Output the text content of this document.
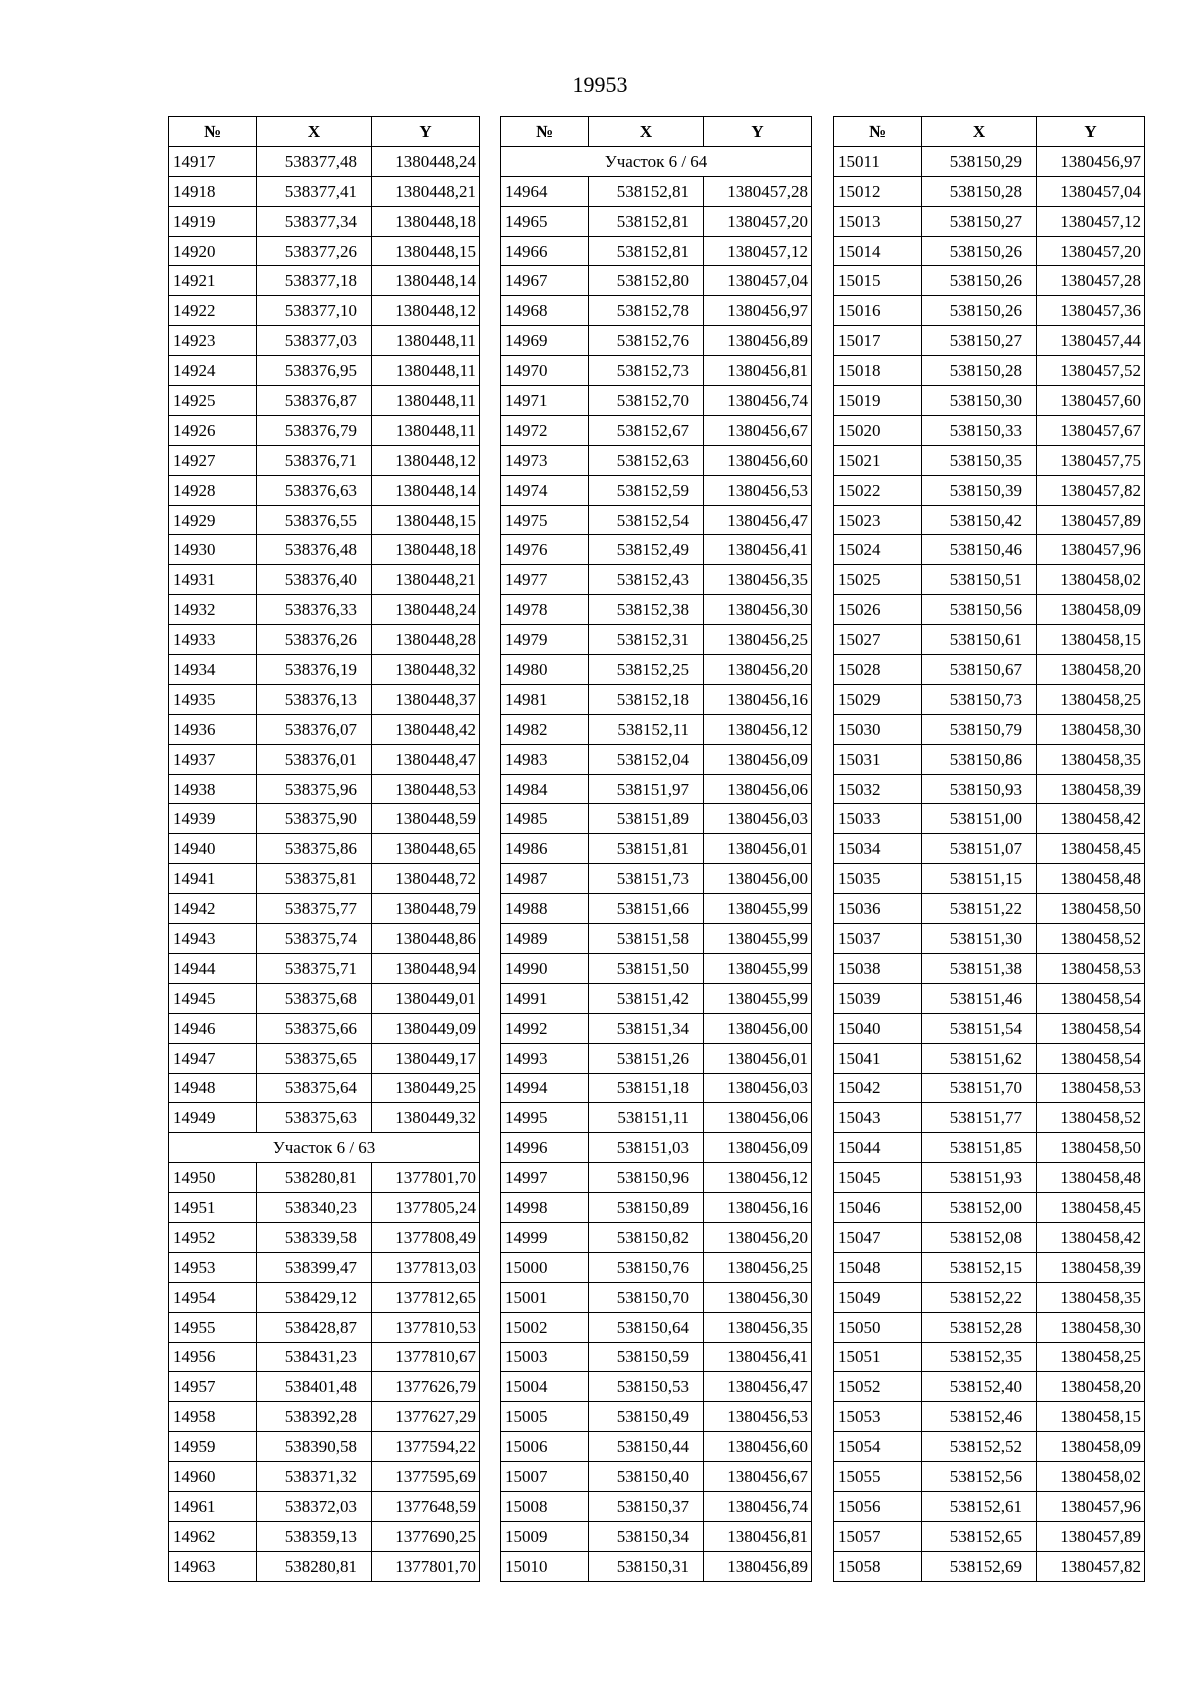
19953
№	X	Y
14917	538377,48	1380448,24
14918	538377,41	1380448,21
14919	538377,34	1380448,18
14920	538377,26	1380448,15
14921	538377,18	1380448,14
14922	538377,10	1380448,12
14923	538377,03	1380448,11
14924	538376,95	1380448,11
14925	538376,87	1380448,11
14926	538376,79	1380448,11
14927	538376,71	1380448,12
14928	538376,63	1380448,14
14929	538376,55	1380448,15
14930	538376,48	1380448,18
14931	538376,40	1380448,21
14932	538376,33	1380448,24
14933	538376,26	1380448,28
14934	538376,19	1380448,32
14935	538376,13	1380448,37
14936	538376,07	1380448,42
14937	538376,01	1380448,47
14938	538375,96	1380448,53
14939	538375,90	1380448,59
14940	538375,86	1380448,65
14941	538375,81	1380448,72
14942	538375,77	1380448,79
14943	538375,74	1380448,86
14944	538375,71	1380448,94
14945	538375,68	1380449,01
14946	538375,66	1380449,09
14947	538375,65	1380449,17
14948	538375,64	1380449,25
14949	538375,63	1380449,32
Участок 6 / 63		
14950	538280,81	1377801,70
14951	538340,23	1377805,24
14952	538339,58	1377808,49
14953	538399,47	1377813,03
14954	538429,12	1377812,65
14955	538428,87	1377810,53
14956	538431,23	1377810,67
14957	538401,48	1377626,79
14958	538392,28	1377627,29
14959	538390,58	1377594,22
14960	538371,32	1377595,69
14961	538372,03	1377648,59
14962	538359,13	1377690,25
14963	538280,81	1377801,70
№	X	Y
Участок 6 / 64		
14964	538152,81	1380457,28
14965	538152,81	1380457,20
14966	538152,81	1380457,12
14967	538152,80	1380457,04
14968	538152,78	1380456,97
14969	538152,76	1380456,89
14970	538152,73	1380456,81
14971	538152,70	1380456,74
14972	538152,67	1380456,67
14973	538152,63	1380456,60
14974	538152,59	1380456,53
14975	538152,54	1380456,47
14976	538152,49	1380456,41
14977	538152,43	1380456,35
14978	538152,38	1380456,30
14979	538152,31	1380456,25
14980	538152,25	1380456,20
14981	538152,18	1380456,16
14982	538152,11	1380456,12
14983	538152,04	1380456,09
14984	538151,97	1380456,06
14985	538151,89	1380456,03
14986	538151,81	1380456,01
14987	538151,73	1380456,00
14988	538151,66	1380455,99
14989	538151,58	1380455,99
14990	538151,50	1380455,99
14991	538151,42	1380455,99
14992	538151,34	1380456,00
14993	538151,26	1380456,01
14994	538151,18	1380456,03
14995	538151,11	1380456,06
14996	538151,03	1380456,09
14997	538150,96	1380456,12
14998	538150,89	1380456,16
14999	538150,82	1380456,20
15000	538150,76	1380456,25
15001	538150,70	1380456,30
15002	538150,64	1380456,35
15003	538150,59	1380456,41
15004	538150,53	1380456,47
15005	538150,49	1380456,53
15006	538150,44	1380456,60
15007	538150,40	1380456,67
15008	538150,37	1380456,74
15009	538150,34	1380456,81
15010	538150,31	1380456,89
№	X	Y
15011	538150,29	1380456,97
15012	538150,28	1380457,04
15013	538150,27	1380457,12
15014	538150,26	1380457,20
15015	538150,26	1380457,28
15016	538150,26	1380457,36
15017	538150,27	1380457,44
15018	538150,28	1380457,52
15019	538150,30	1380457,60
15020	538150,33	1380457,67
15021	538150,35	1380457,75
15022	538150,39	1380457,82
15023	538150,42	1380457,89
15024	538150,46	1380457,96
15025	538150,51	1380458,02
15026	538150,56	1380458,09
15027	538150,61	1380458,15
15028	538150,67	1380458,20
15029	538150,73	1380458,25
15030	538150,79	1380458,30
15031	538150,86	1380458,35
15032	538150,93	1380458,39
15033	538151,00	1380458,42
15034	538151,07	1380458,45
15035	538151,15	1380458,48
15036	538151,22	1380458,50
15037	538151,30	1380458,52
15038	538151,38	1380458,53
15039	538151,46	1380458,54
15040	538151,54	1380458,54
15041	538151,62	1380458,54
15042	538151,70	1380458,53
15043	538151,77	1380458,52
15044	538151,85	1380458,50
15045	538151,93	1380458,48
15046	538152,00	1380458,45
15047	538152,08	1380458,42
15048	538152,15	1380458,39
15049	538152,22	1380458,35
15050	538152,28	1380458,30
15051	538152,35	1380458,25
15052	538152,40	1380458,20
15053	538152,46	1380458,15
15054	538152,52	1380458,09
15055	538152,56	1380458,02
15056	538152,61	1380457,96
15057	538152,65	1380457,89
15058	538152,69	1380457,82
